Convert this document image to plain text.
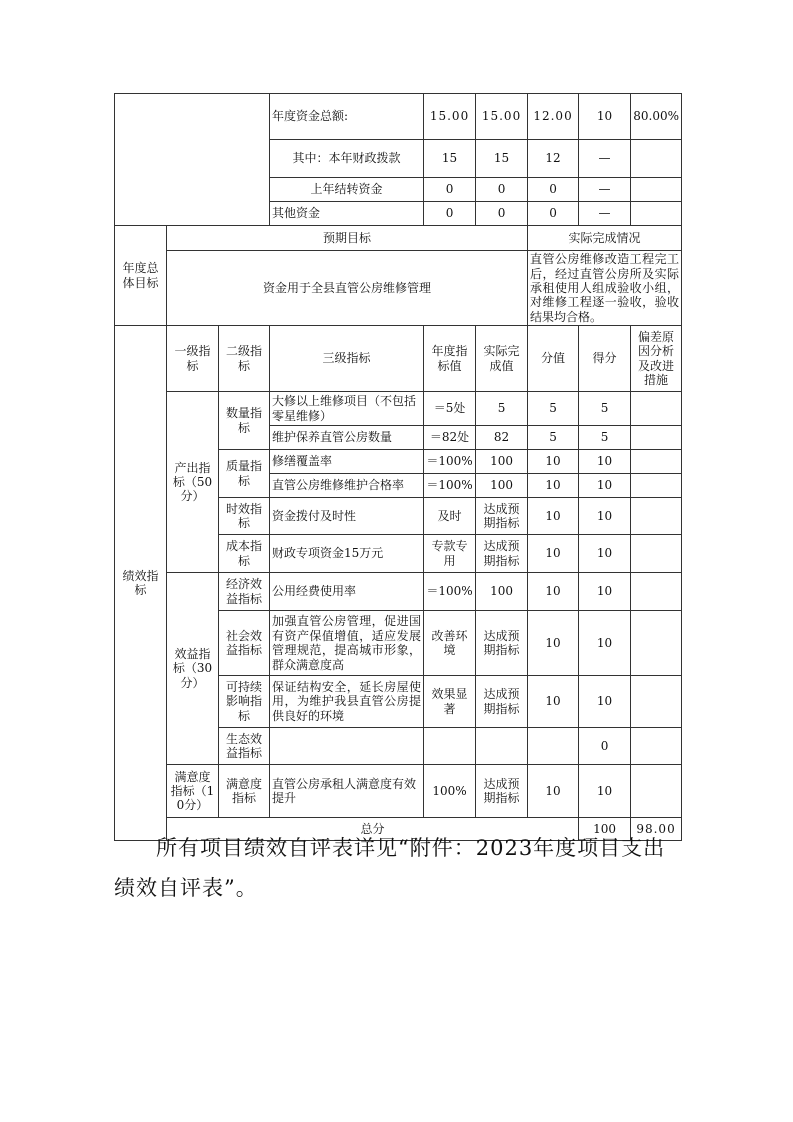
			年度资金总额:	15.00	15.00	12.00	10	80.00%	
			其中：本年财政拨款	15	15	12	—		
			上年结转资金	0	0	0	—		
			其他资金	0	0	0	—		
年度总体目标	预期目标					实际完成情况			
	资金用于全县直管公房维修管理					直管公房维修改造工程完工后，经过直管公房所及实际承租使用人组成验收小组，对维修工程逐一验收，验收结果均合格。			
绩效指标	一级指标	二级指标	三级指标	年度指标值	实际完成值	分值	得分	偏差原因分析及改进措施	
	产出指标（50分）	数量指标	大修以上维修项目（不包括零星维修）	＝5处	5	5	5		
			维护保养直管公房数量	＝82处	82	5	5		
		质量指标	修缮覆盖率	＝100%	100	10	10		
			直管公房维修维护合格率	＝100%	100	10	10		
		时效指标	资金拨付及时性	及时	达成预期指标	10	10		
		成本指标	财政专项资金15万元	专款专用	达成预期指标	10	10		
	效益指标（30分）	经济效益指标	公用经费使用率	＝100%	100	10	10		
		社会效益指标	加强直管公房管理，促进国有资产保值增值，适应发展管理规范，提高城市形象，群众满意度高	改善环境	达成预期指标	10	10		
		可持续影响指标	保证结构安全，延长房屋使用，为维护我县直管公房提供良好的环境	效果显著	达成预期指标	10	10		
		生态效益指标					0		
	满意度指标（10分）	满意度指标	直管公房承租人满意度有效提升	100%	达成预期指标	10	10		
	总分						100	98.00	

所有项目绩效自评表详见“附件：2023年度项目支出绩效自评表”。
